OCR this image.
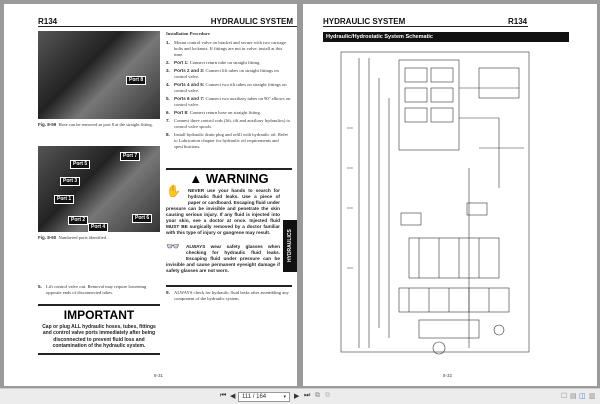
R134	HYDRAULIC SYSTEM
Port 8
Fig. 8-59 Hose can be removed as port 8 at the straight fitting.
Port 5
Port 7
Port 3
Port 1
Port 2
Port 4
Port 6
Fig. 8-60 Numbered ports identified.
Installation Procedure
1. Mount control valve on bracket and secure with two carriage bolts and locknuts. If fittings are not in valve, install at this time.
2. Port 1: Connect return tube on straight fitting.
3. Ports 2 and 3: Connect lift tubes on straight fittings on control valve.
4. Ports 4 and 5: Connect two tilt tubes on straight fittings on control valve.
5. Ports 6 and 7: Connect two auxiliary tubes on 90° elbows on control valve.
6. Port 8: Connect return hose on straight fitting.
7. Connect three control rods (lift, tilt and auxiliary hydraulics) to control valve spools.
8. Install hydraulic drain plug and refill with hydraulic oil. Refer to Lubrication chapter for hydraulic oil requirements and specifications.
▲ WARNING
✋	NEVER use your hands to search for hydraulic fluid leaks. Use a piece of paper or cardboard. Escaping fluid under pressure can be invisible and penetrate the skin causing serious injury. If any fluid is injected into your skin, see a doctor at once. Injected fluid MUST BE surgically removed by a doctor familiar with this type of injury or gangrene may result.
👓	ALWAYS wear safety glasses when checking for hydraulic fluid leaks. Escaping fluid under pressure can be invisible and cause permanent eyesight damage if safety glasses are not worn.
9. ALWAYS check for hydraulic fluid leaks after assembling any component of the hydraulic system.
5. Lift control valve out. Removal may require loosening opposite ends of disconnected tubes.
IMPORTANT
Cap or plug ALL hydraulic hoses, tubes, fittings and control valve ports immediately after being disconnected to prevent fluid loss and contamination of the hydraulic system.
HYDRAULICS
8-31
HYDRAULIC SYSTEM	R134
Hydraulic/Hydrostatic System Schematic
8-32
⏮ ◀	111 / 164	▾ ▶ ⏭ ⧉ ⧉	☐ ▤ ◫ ▥
